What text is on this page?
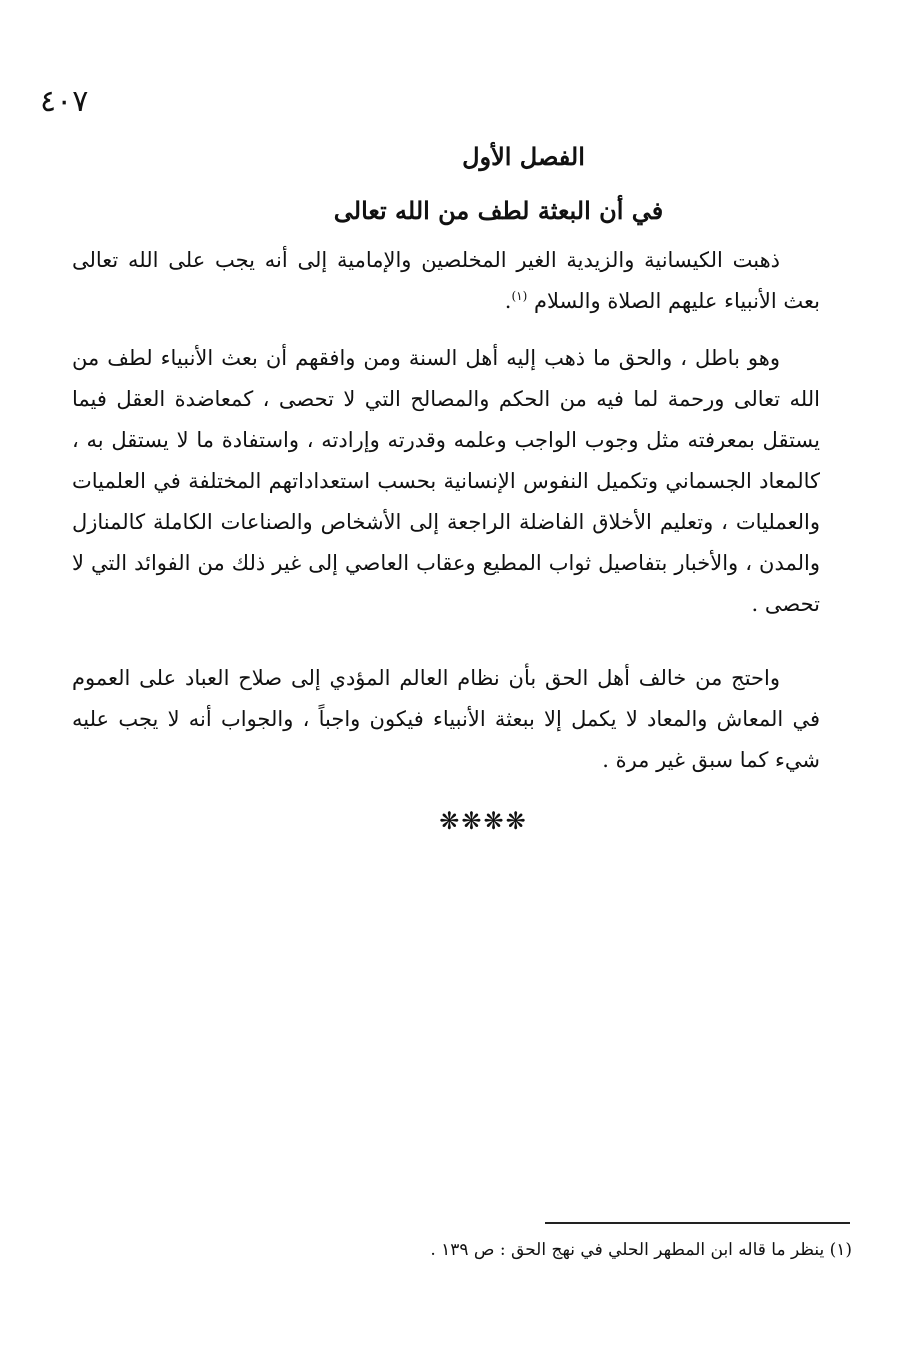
٤٠٧
الفصل الأول
في أن البعثة لطف من الله تعالى

ذهبت الكيسانية والزيدية الغير المخلصين والإمامية إلى أنه يجب على الله تعالى بعث الأنبياء عليهم الصلاة والسلام $^{(١)}$.

وهو باطل ، والحق ما ذهب إليه أهل السنة ومن وافقهم أن بعث الأنبياء لطف من الله تعالى ورحمة لما فيه من الحكم والمصالح التي لا تحصى ، كمعاضدة العقل فيما يستقل بمعرفته مثل وجوب الواجب وعلمه وقدرته وإرادته ، واستفادة ما لا يستقل به ، كالمعاد الجسماني وتكميل النفوس الإنسانية بحسب استعداداتهم المختلفة في العلميات والعمليات ، وتعليم الأخلاق الفاضلة الراجعة إلى الأشخاص والصناعات الكاملة كالمنازل والمدن ، والأخبار بتفاصيل ثواب المطيع وعقاب العاصي إلى غير ذلك من الفوائد التي لا تحصى .

واحتج من خالف أهل الحق بأن نظام العالم المؤدي إلى صلاح العباد على العموم في المعاش والمعاد لا يكمل إلا ببعثة الأنبياء فيكون واجباً ، والجواب أنه لا يجب عليه شيء كما سبق غير مرة .

❋❋❋❋
(١) ينظر ما قاله ابن المطهر الحلي في نهج الحق : ص ١٣٩ .
